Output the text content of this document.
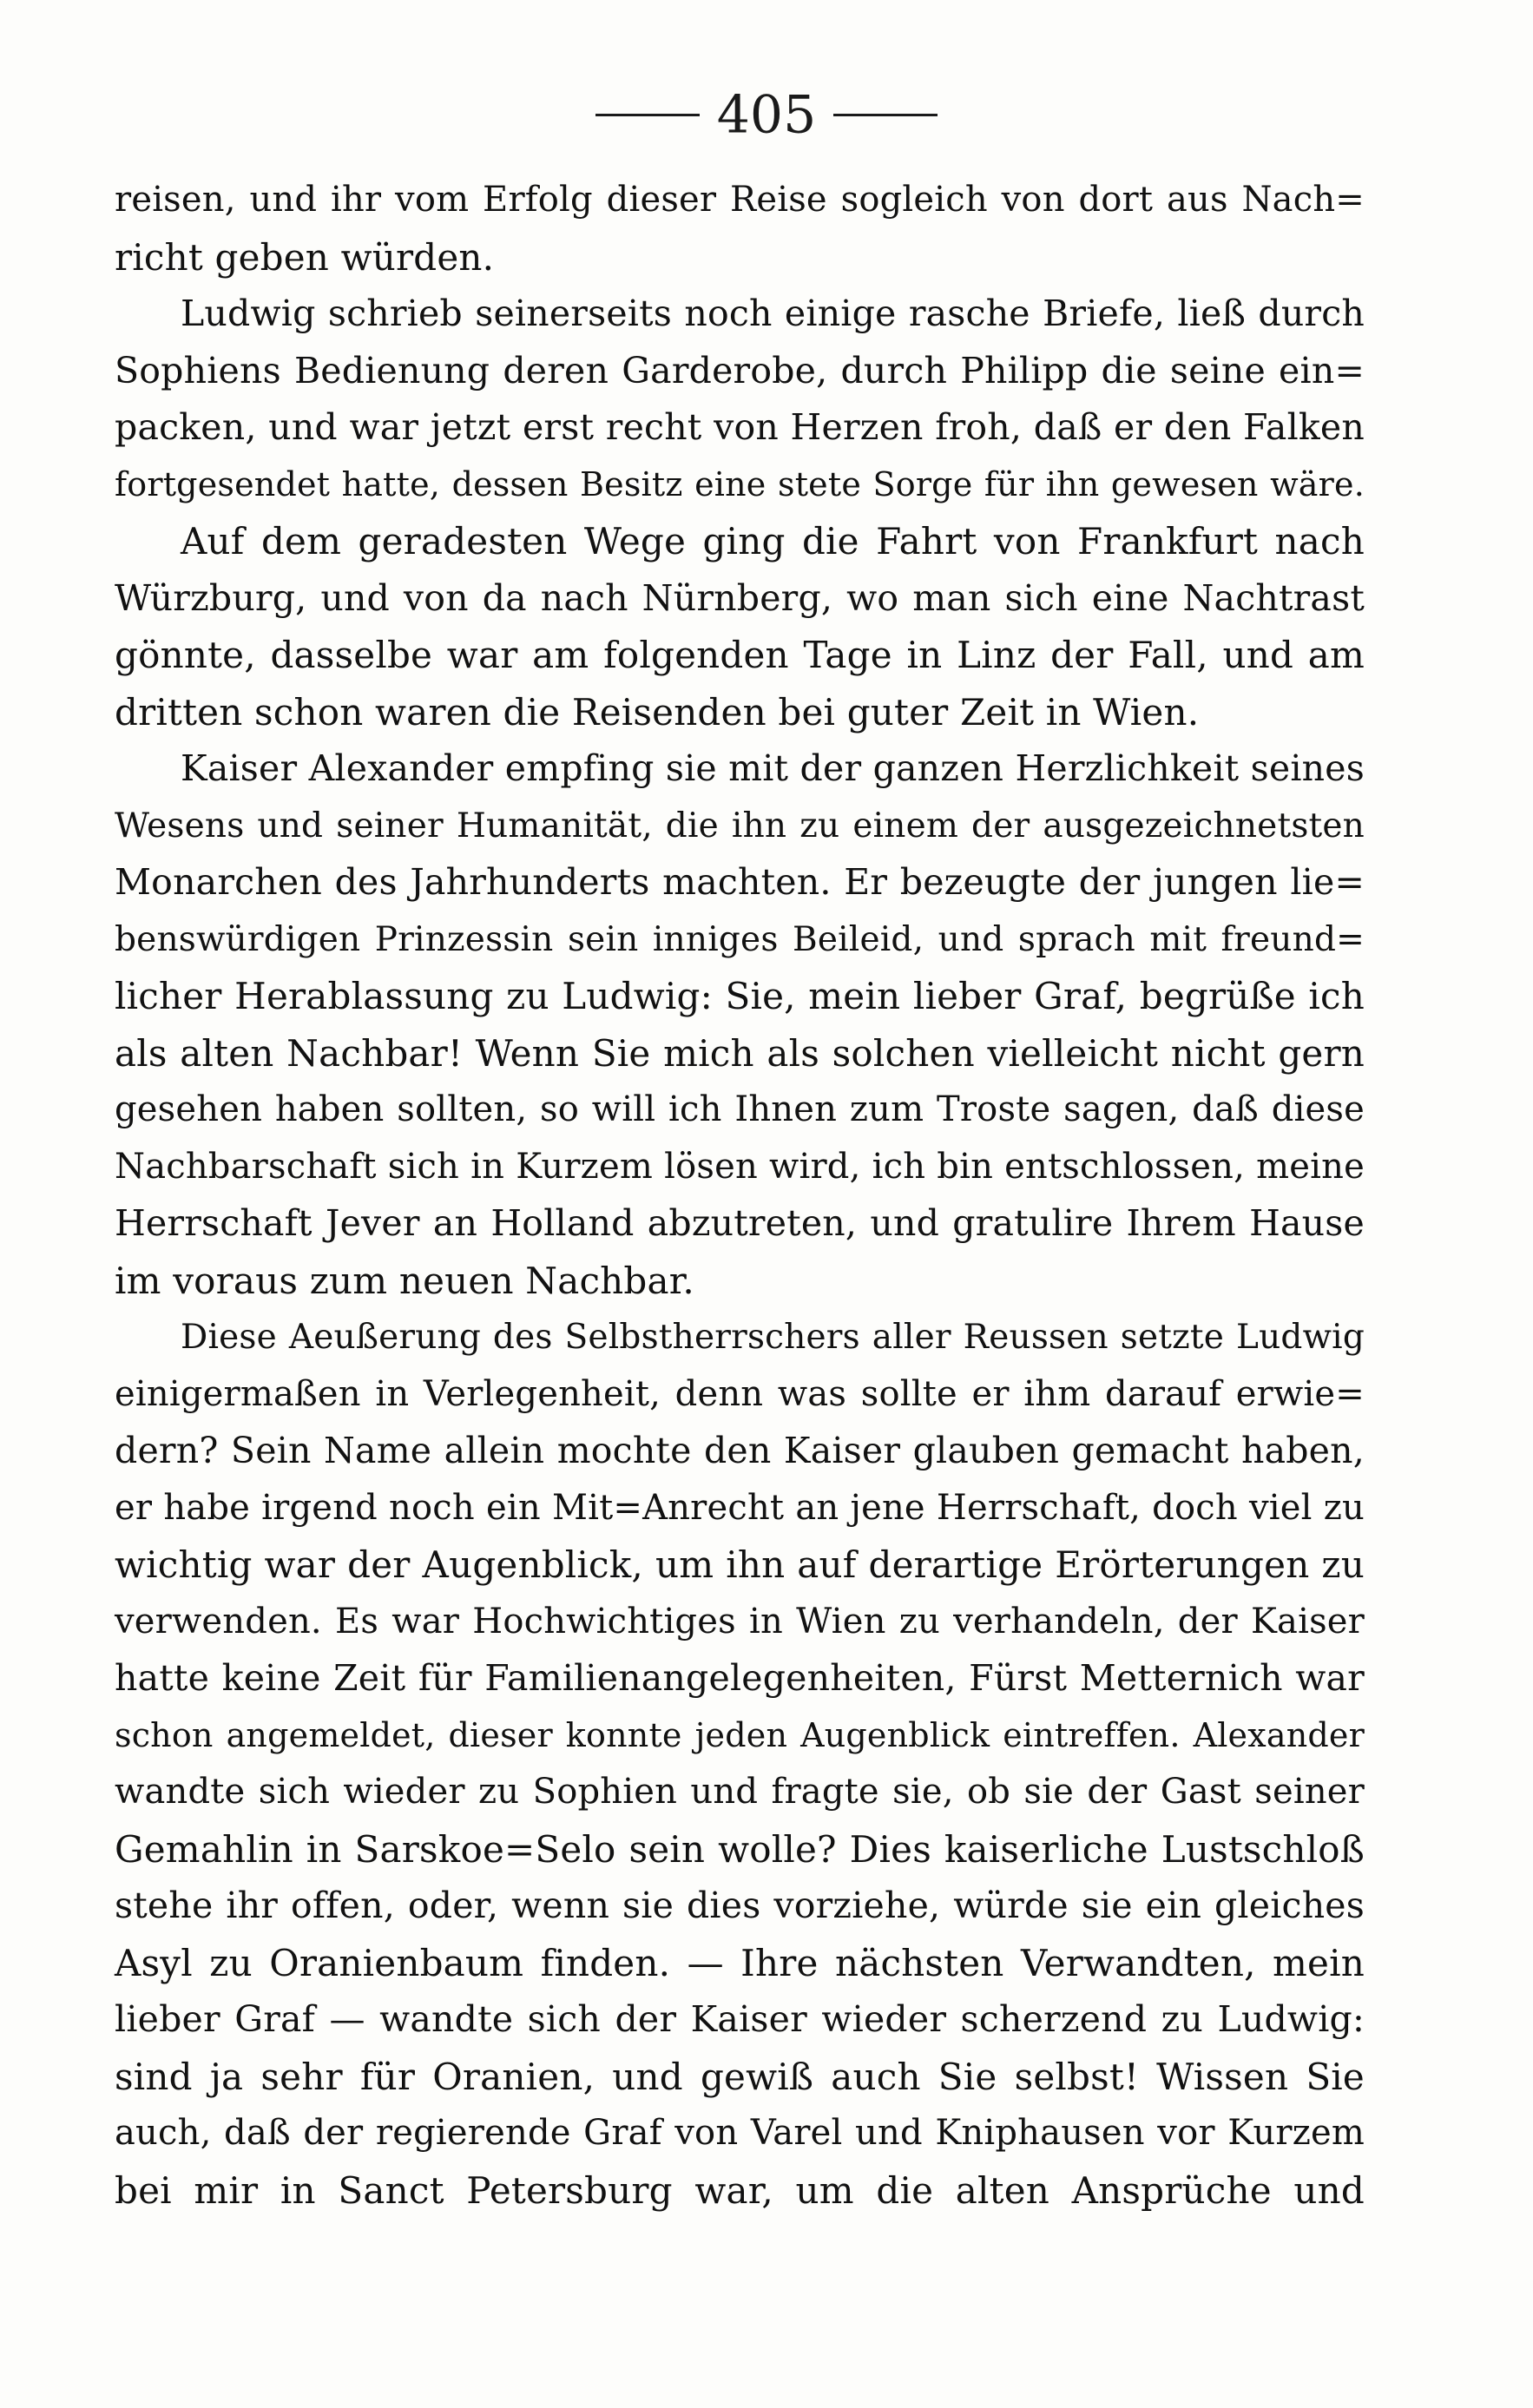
405
reisen, und ihr vom Erfolg dieser Reise sogleich von dort aus Nach=
richt geben würden.
Ludwig schrieb seinerseits noch einige rasche Briefe, ließ durch
Sophiens Bedienung deren Garderobe, durch Philipp die seine ein=
packen, und war jetzt erst recht von Herzen froh, daß er den Falken
fortgesendet hatte, dessen Besitz eine stete Sorge für ihn gewesen wäre.
Auf dem geradesten Wege ging die Fahrt von Frankfurt nach
Würzburg, und von da nach Nürnberg, wo man sich eine Nachtrast
gönnte, dasselbe war am folgenden Tage in Linz der Fall, und am
dritten schon waren die Reisenden bei guter Zeit in Wien.
Kaiser Alexander empfing sie mit der ganzen Herzlichkeit seines
Wesens und seiner Humanität, die ihn zu einem der ausgezeichnetsten
Monarchen des Jahrhunderts machten. Er bezeugte der jungen lie=
benswürdigen Prinzessin sein inniges Beileid, und sprach mit freund=
licher Herablassung zu Ludwig: Sie, mein lieber Graf, begrüße ich
als alten Nachbar! Wenn Sie mich als solchen vielleicht nicht gern
gesehen haben sollten, so will ich Ihnen zum Troste sagen, daß diese
Nachbarschaft sich in Kurzem lösen wird, ich bin entschlossen, meine
Herrschaft Jever an Holland abzutreten, und gratulire Ihrem Hause
im voraus zum neuen Nachbar.
Diese Aeußerung des Selbstherrschers aller Reussen setzte Ludwig
einigermaßen in Verlegenheit, denn was sollte er ihm darauf erwie=
dern? Sein Name allein mochte den Kaiser glauben gemacht haben,
er habe irgend noch ein Mit=Anrecht an jene Herrschaft, doch viel zu
wichtig war der Augenblick, um ihn auf derartige Erörterungen zu
verwenden. Es war Hochwichtiges in Wien zu verhandeln, der Kaiser
hatte keine Zeit für Familienangelegenheiten, Fürst Metternich war
schon angemeldet, dieser konnte jeden Augenblick eintreffen. Alexander
wandte sich wieder zu Sophien und fragte sie, ob sie der Gast seiner
Gemahlin in Sarskoe=Selo sein wolle? Dies kaiserliche Lustschloß
stehe ihr offen, oder, wenn sie dies vorziehe, würde sie ein gleiches
Asyl zu Oranienbaum finden. — Ihre nächsten Verwandten, mein
lieber Graf — wandte sich der Kaiser wieder scherzend zu Ludwig:
sind ja sehr für Oranien, und gewiß auch Sie selbst! Wissen Sie
auch, daß der regierende Graf von Varel und Kniphausen vor Kurzem
bei mir in Sanct Petersburg war, um die alten Ansprüche und
